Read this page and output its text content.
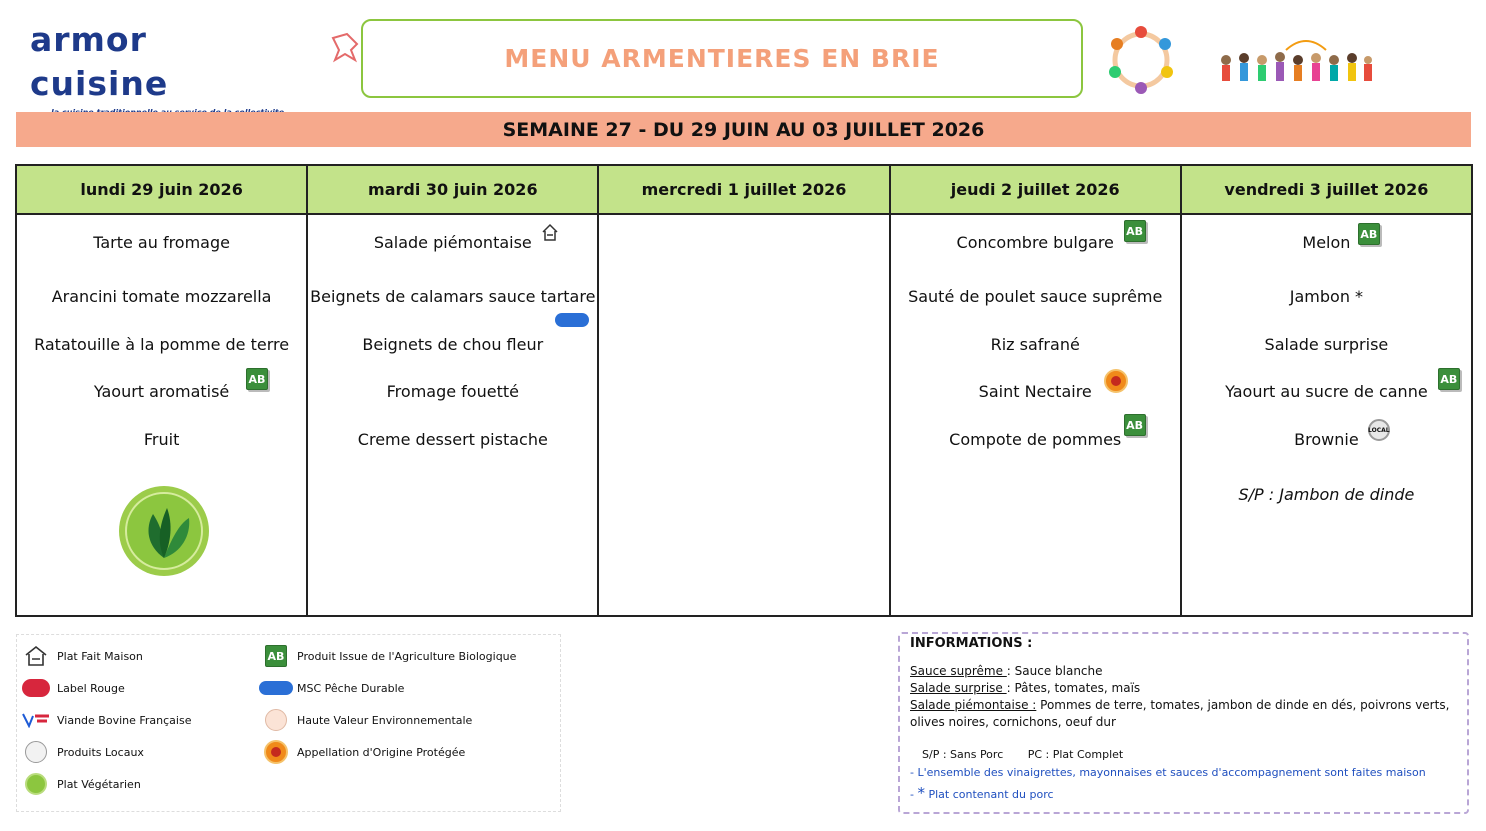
armor cuisine
MENU ARMENTIERES EN BRIE
SEMAINE 27 - DU 29 JUIN AU 03 JUILLET 2026
lundi 29 juin 2026
Tarte au fromage
Arancini tomate mozzarella
Ratatouille à la pomme de terre
Yaourt aromatisé
AB
Fruit
mardi 30 juin 2026
Salade piémontaise
Beignets de calamars sauce tartare
Beignets de chou fleur
Fromage fouetté
Creme dessert pistache
mercredi 1 juillet 2026	jeudi 2 juillet 2026
Concombre bulgare
AB
Sauté de poulet sauce suprême
Riz safrané
Saint Nectaire
Compote de pommes
AB
vendredi 3 juillet 2026
Melon AB
Jambon *
Salade surprise
Yaourt au sucre de canne
AB
Brownie	LOCAL
S/P : Jambon de dinde
Plat Fait Maison
Label Rouge
Viande Bovine Française
Produits Locaux
Plat Végétarien
AB Produit Issue de l'Agriculture Biologique
MSC Pêche Durable
Haute Valeur Environnementale
Appellation d'Origine Protégée
INFORMATIONS :
Sauce suprême : Sauce blanche
Salade surprise : Pâtes, tomates, maïs
Salade piémontaise : Pommes de terre, tomates, jambon de dinde en dés, poivrons verts, olives noires, cornichons, oeuf dur
S/P : Sans Porc PC : Plat Complet
- L'ensemble des vinaigrettes, mayonnaises et sauces d'accompagnement sont faites maison
- * Plat contenant du porc
